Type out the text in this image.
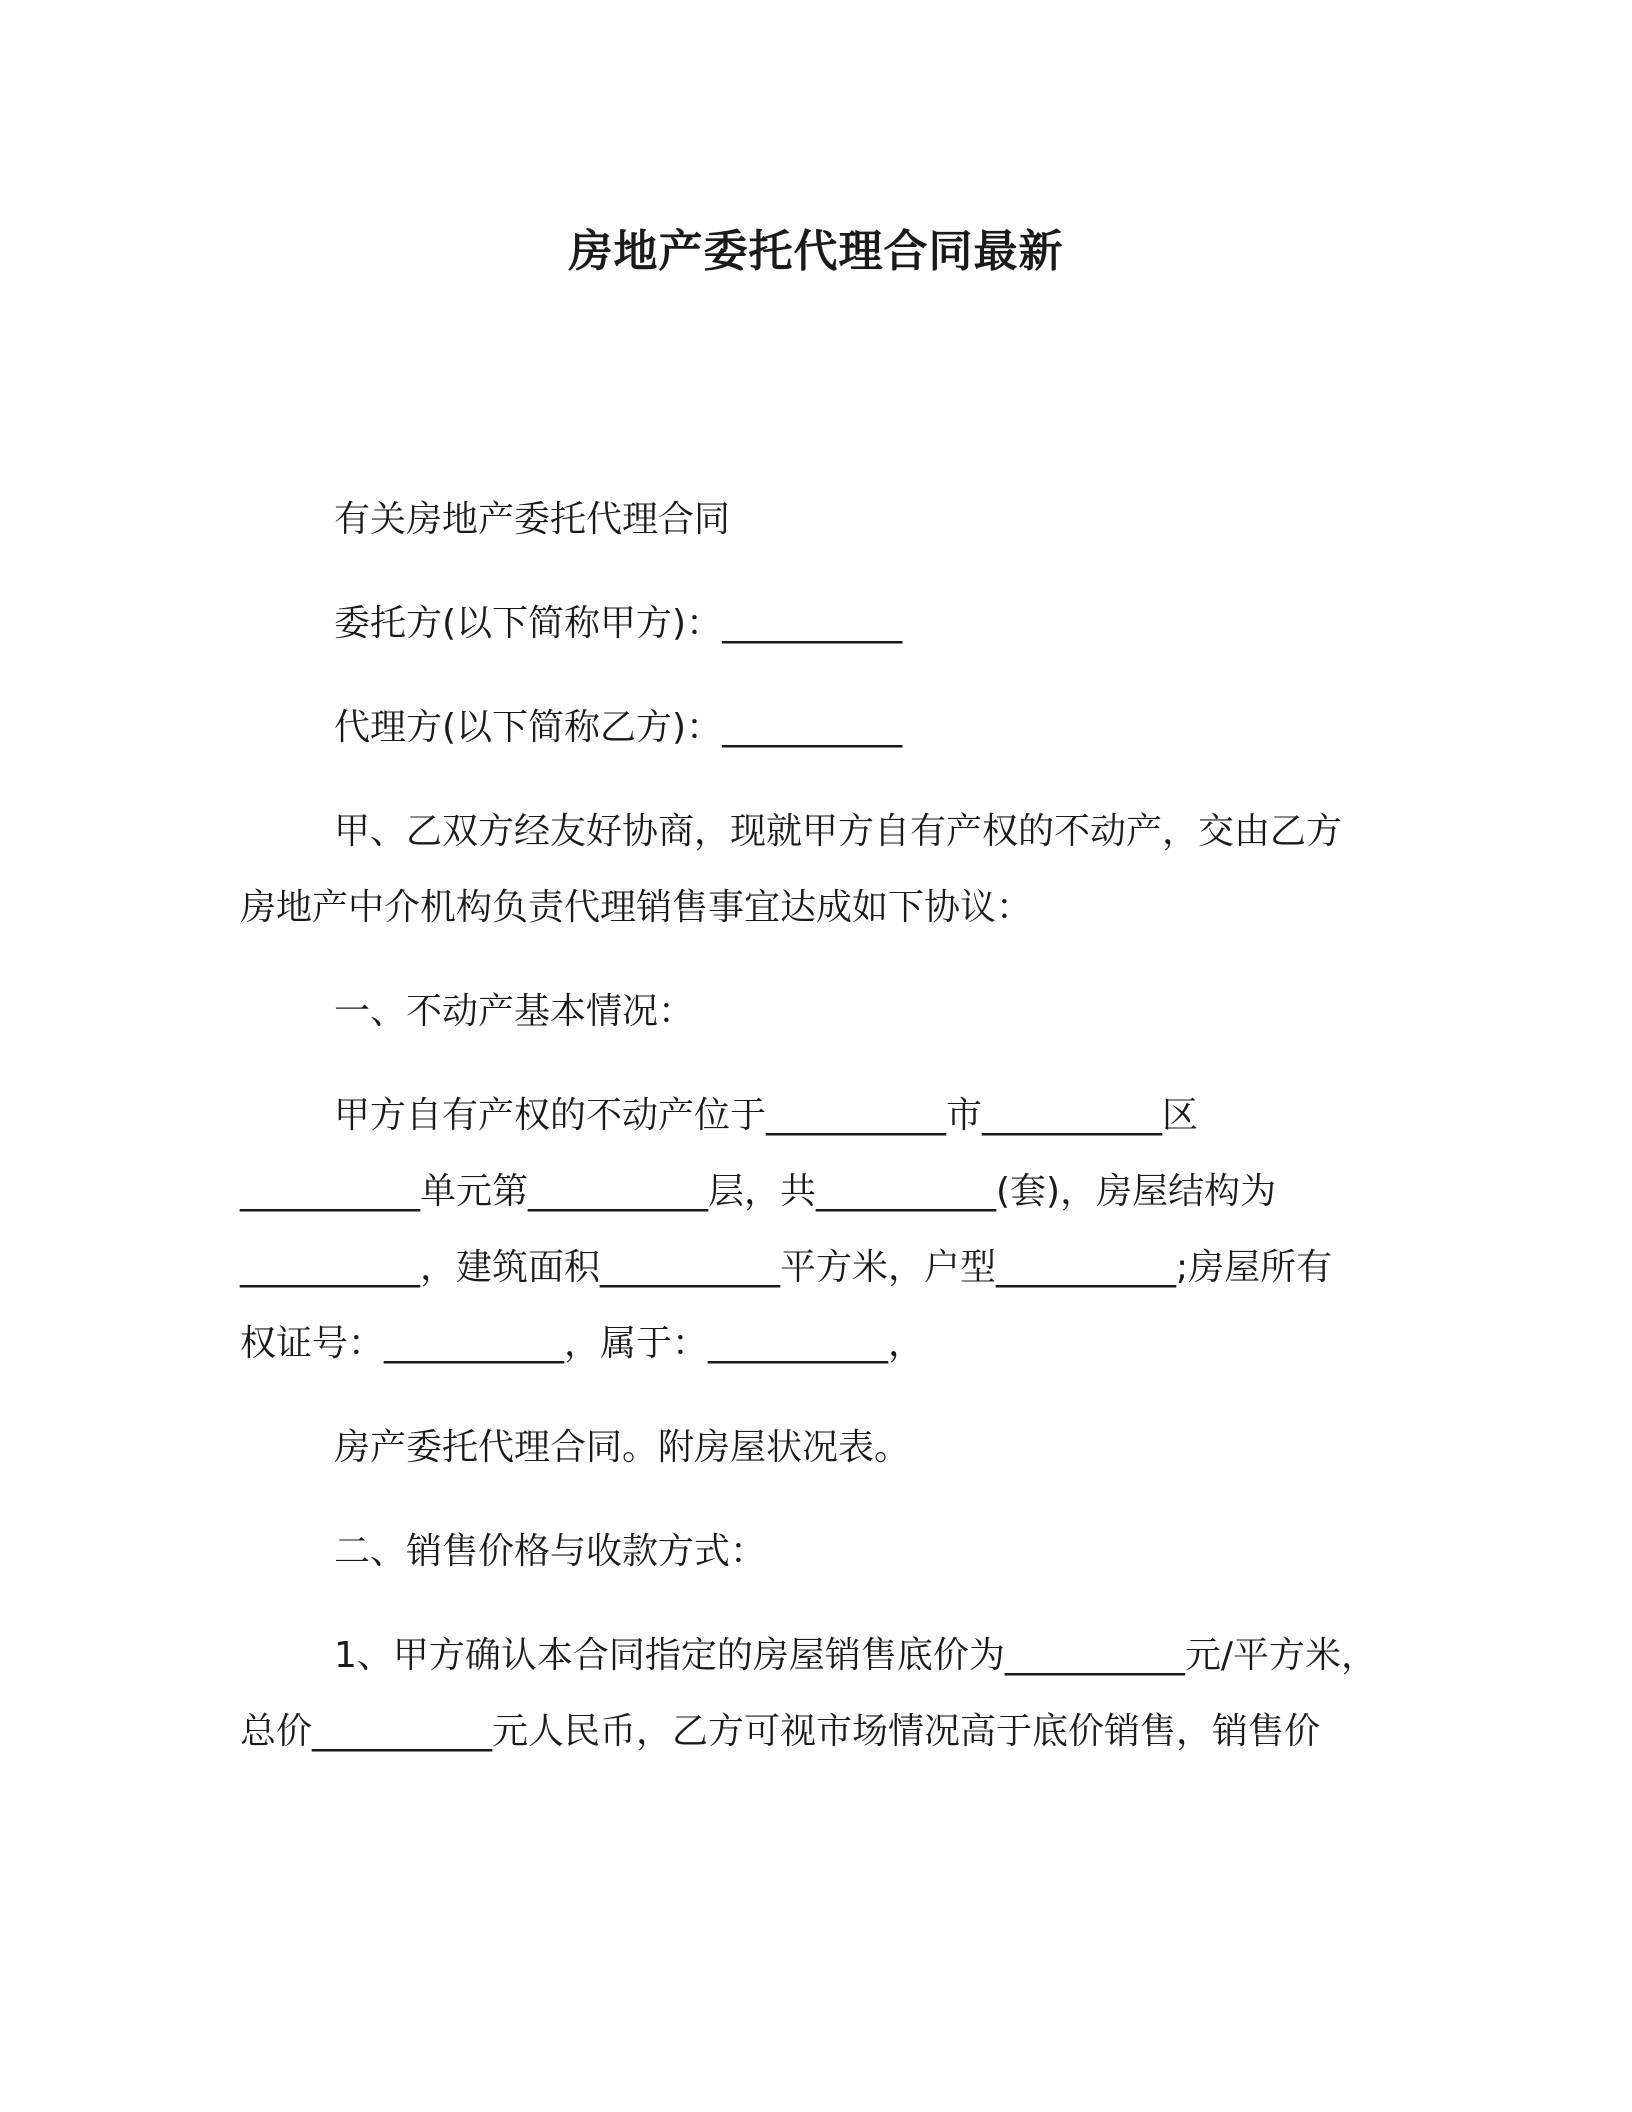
房地产委托代理合同最新

有关房地产委托代理合同

委托方(以下简称甲方)：__________

代理方(以下简称乙方)：__________

甲、乙双方经友好协商，现就甲方自有产权的不动产，交由乙方

房地产中介机构负责代理销售事宜达成如下协议：

一、不动产基本情况：

甲方自有产权的不动产位于__________市__________区

__________单元第__________层，共__________(套)，房屋结构为

__________，建筑面积__________平方米，户型__________;房屋所有

权证号：__________，属于：__________，

房产委托代理合同。附房屋状况表。

二、销售价格与收款方式：

1、甲方确认本合同指定的房屋销售底价为__________元/平方米，

总价__________元人民币，乙方可视市场情况高于底价销售，销售价
